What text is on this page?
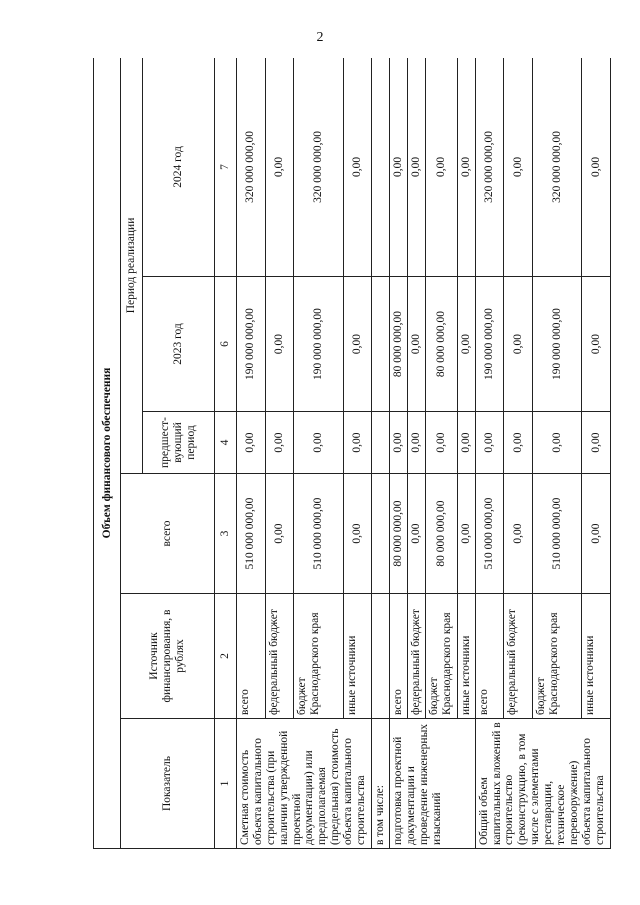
2
Объем финансового обеспечения					
Показатель	Источник финансирования, в рублях	всего	Период реализации		
			предшест-вующий период	2023 год	2024 год
1	2	3	4	6	7
Сметная стоимость объекта капитального строительства (при наличии утвержденной проектной документации) или предполагаемая (предельная) стоимость объекта капитального строительства	всего	510 000 000,00	0,00	190 000 000,00	320 000 000,00
	федеральный бюджет	0,00	0,00	0,00	0,00
	бюджет Краснодарского края	510 000 000,00	0,00	190 000 000,00	320 000 000,00
	иные источники	0,00	0,00	0,00	0,00
в том числе:					
подготовка проектной документации и проведение инженерных изысканий	всего	80 000 000,00	0,00	80 000 000,00	0,00
	федеральный бюджет	0,00	0,00	0,00	0,00
	бюджет Краснодарского края	80 000 000,00	0,00	80 000 000,00	0,00
	иные источники	0,00	0,00	0,00	0,00
Общий объем капитальных вложений в строительство (реконструкцию, в том числе с элементами реставрации, техническое перевооружение) объекта капитального строительства	всего	510 000 000,00	0,00	190 000 000,00	320 000 000,00
	федеральный бюджет	0,00	0,00	0,00	0,00
	бюджет Краснодарского края	510 000 000,00	0,00	190 000 000,00	320 000 000,00
	иные источники	0,00	0,00	0,00	0,00
